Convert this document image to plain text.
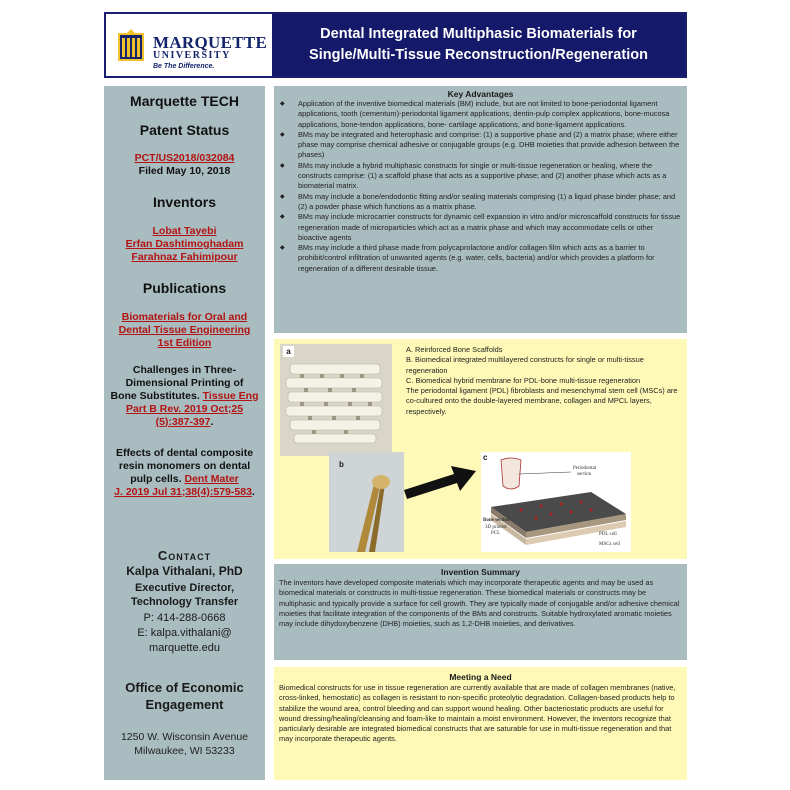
MARQUETTE
UNIVERSITY
Be The Difference.
Dental Integrated Multiphasic Biomaterials for
Single/Multi-Tissue Reconstruction/Regeneration
Marquette TECH
Patent Status
PCT/US2018/032084
Filed May 10, 2018
Inventors
Lobat Tayebi
Erfan Dashtimoghadam
Farahnaz Fahimipour
Publications
Biomaterials for Oral and
Dental Tissue Engineering
1st Edition
Challenges in Three-
Dimensional Printing of
Bone Substitutes. Tissue Eng
Part B Rev. 2019 Oct;25
(5):387-397.
Effects of dental composite
resin monomers on dental
pulp cells. Dent Mater
J. 2019 Jul 31;38(4):579-583.
Contact
Kalpa Vithalani, PhD
Executive Director,
Technology Transfer
P: 414-288-0668
E: kalpa.vithalani@
marquette.edu
Office of Economic
Engagement
1250 W. Wisconsin Avenue
Milwaukee, WI 53233
Key Advantages
◆ Application of the inventive biomedical materials (BM) include, but are not limited to bone-periodontal ligament applications, tooth (cementum)-periodontal ligament applications, dentin-pulp complex applications, bone-mucosa applications, bone-tendon applications, bone- cartilage applications, and bone-ligament applications.
◆ BMs may be integrated and heterophasic and comprise: (1) a supportive phase and (2) a matrix phase; where either phase may comprise chemical adhesive or conjugable groups (e.g. DHB moieties that provide adhesion between the phases)
◆ BMs may include a hybrid multiphasic constructs for single or multi-tissue regeneration or healing, where the constructs comprise: (1) a scaffold phase that acts as a supportive phase; and (2) another phase which acts as a biomaterial matrix.
◆ BMs may include a bone/endodontic fitting and/or sealing materials comprising (1) a liquid phase binder phase; and (2) a powder phase which functions as a matrix phase.
◆ BMs may include microcarrier constructs for dynamic cell expansion in vitro and/or microscaffold constructs for tissue regeneration made of microparticles which act as a matrix phase and which may accommodate cells or other bioactive agents
◆ BMs may include a third phase made from polycaprolactone and/or collagen film which acts as a barrier to prohibit/control infiltration of unwanted agents (e.g. water, cells, bacteria) and/or which provides a platform for regeneration of a different desirable tissue.
a	A. Reinforced Bone Scaffolds

B. Biomedical integrated multilayered constructs for single or multi-tissue regeneration

C. Biomedical hybrid membrane for PDL-bone multi-tissue regeneration

The periodontal ligament (PDL) fibroblasts and mesenchymal stem cell (MSCs) are co-cultured onto the double-layered membrane, collagen and MPCL layers, respectively.

b
c
Periodontal
section
Bone section
3D printed
PCL	PDL cell
MSCs cell
Invention Summary

The inventors have developed composite materials which may incorporate therapeutic agents and may be used as biomedical materials or constructs in multi-tissue regeneration. These biomedical materials or constructs may be multiphasic and typically provide a surface for cell growth. They are typically made of conjugable and/or adhesive chemical moieties that facilitate integration of the components of the BMs and constructs. Suitable hydroxylated aromatic moieties may include dihydoxybenzene (DHB) moieties, such as 1,2-DHB moieties, and derivatives.

Meeting a Need

Biomedical constructs for use in tissue regeneration are currently available that are made of collagen membranes (native, cross-linked, hemostatic) as collagen is resistant to non-specific proteolytic degradation. Collagen-based products help to stabilize the wound area, control bleeding and can support wound healing. Other bacteriostatic products are useful for wound dressing/healing/cleansing and foam-like to maintain a moist environment. However, the inventors recognize that particularly desirable are integrated biomedical constructs that are saturable for use in multi-tissue regeneration and that may incorporate therapeutic agents.
